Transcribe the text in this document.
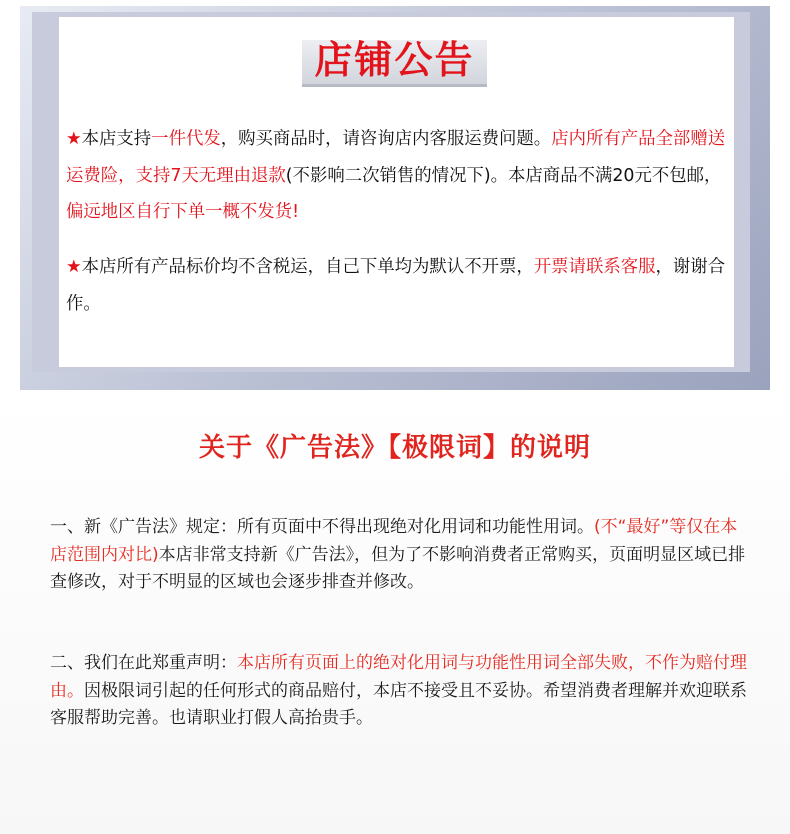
店铺公告
★本店支持一件代发，购买商品时，请咨询店内客服运费问题。店内所有产品全部赠送运费险，支持7天无理由退款(不影响二次销售的情况下)。本店商品不满20元不包邮，偏远地区自行下单一概不发货!
★本店所有产品标价均不含税运，自己下单均为默认不开票，开票请联系客服，谢谢合作。
关于《广告法》【极限词】的说明
一、新《广告法》规定：所有页面中不得出现绝对化用词和功能性用词。(不“最好”等仅在本店范围内对比)本店非常支持新《广告法》，但为了不影响消费者正常购买，页面明显区域已排查修改，对于不明显的区域也会逐步排查并修改。
二、我们在此郑重声明：本店所有页面上的绝对化用词与功能性用词全部失败，不作为赔付理由。因极限词引起的任何形式的商品赔付，本店不接受且不妥协。希望消费者理解并欢迎联系客服帮助完善。也请职业打假人高抬贵手。
